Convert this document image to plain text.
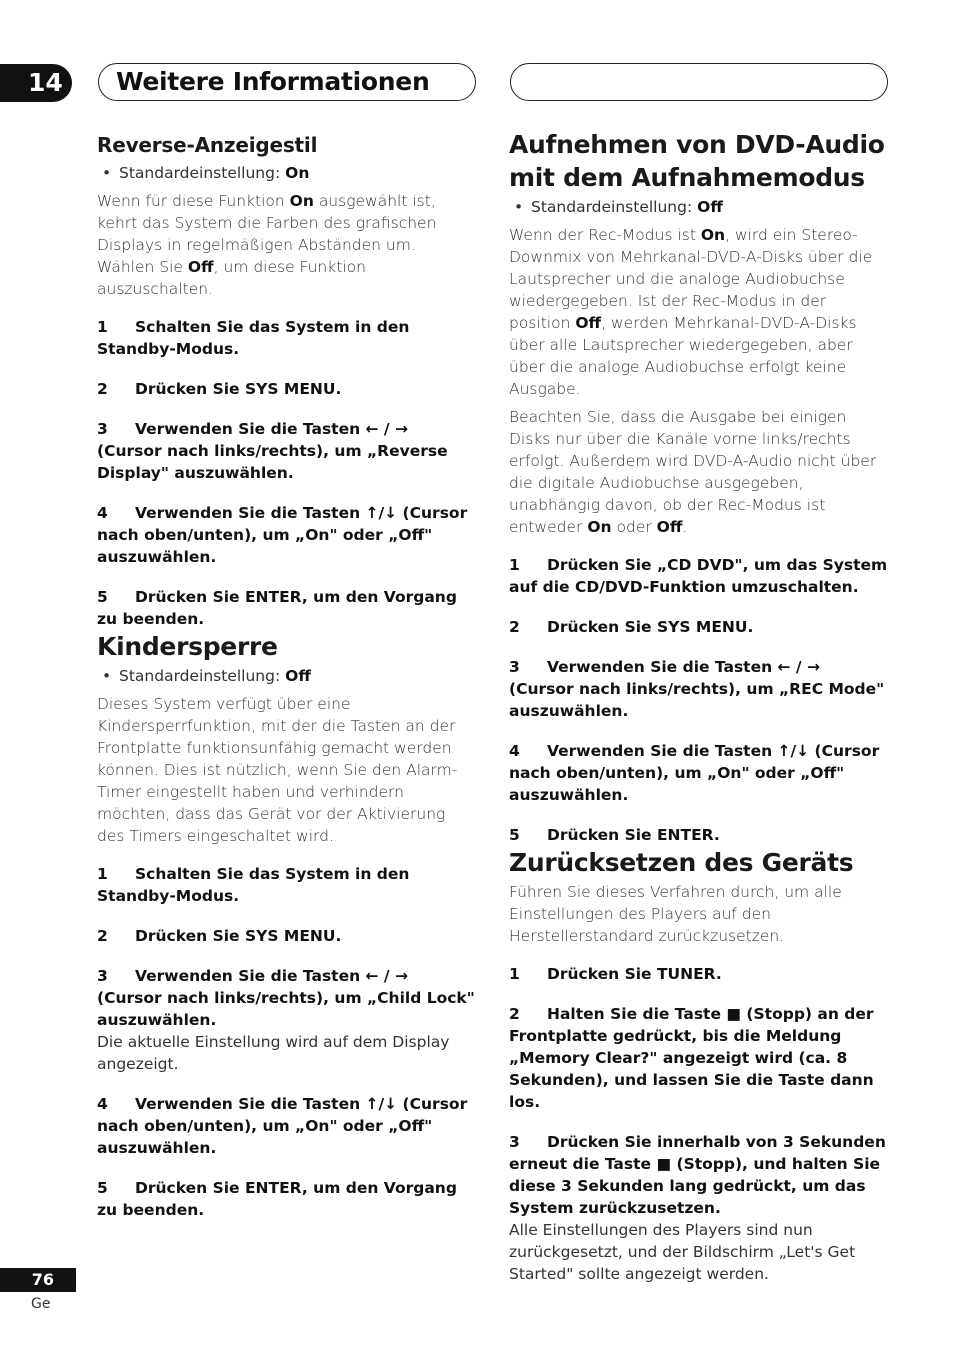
14	Weitere Informationen
Reverse-Anzeigestil
• Standardeinstellung: On

Wenn für diese Funktion On ausgewählt ist, kehrt das System die Farben des grafischen Displays in regelmäßigen Abständen um. Wählen Sie Off, um diese Funktion auszuschalten.

1 Schalten Sie das System in den Standby-Modus.
2 Drücken Sie SYS MENU.
3 Verwenden Sie die Tasten ← / → (Cursor nach links/rechts), um „Reverse Display" auszuwählen.
4 Verwenden Sie die Tasten ↑/↓ (Cursor nach oben/unten), um „On" oder „Off" auszuwählen.
5 Drücken Sie ENTER, um den Vorgang zu beenden.
Kindersperre
• Standardeinstellung: Off

Dieses System verfügt über eine Kindersperrfunktion, mit der die Tasten an der Frontplatte funktionsunfähig gemacht werden können. Dies ist nützlich, wenn Sie den Alarm-Timer eingestellt haben und verhindern möchten, dass das Gerät vor der Aktivierung des Timers eingeschaltet wird.

1 Schalten Sie das System in den Standby-Modus.
2 Drücken Sie SYS MENU.
3 Verwenden Sie die Tasten ← / → (Cursor nach links/rechts), um „Child Lock" auszuwählen.

Die aktuelle Einstellung wird auf dem Display angezeigt.

4 Verwenden Sie die Tasten ↑/↓ (Cursor nach oben/unten), um „On" oder „Off" auszuwählen.
5 Drücken Sie ENTER, um den Vorgang zu beenden.
Aufnehmen von DVD-Audio mit dem Aufnahmemodus
• Standardeinstellung: Off

Wenn der Rec-Modus ist On, wird ein Stereo-Downmix von Mehrkanal-DVD-A-Disks über die Lautsprecher und die analoge Audiobuchse wiedergegeben. Ist der Rec-Modus in der position Off, werden Mehrkanal-DVD-A-Disks über alle Lautsprecher wiedergegeben, aber über die analoge Audiobuchse erfolgt keine Ausgabe.

Beachten Sie, dass die Ausgabe bei einigen Disks nur über die Kanäle vorne links/rechts erfolgt. Außerdem wird DVD-A-Audio nicht über die digitale Audiobuchse ausgegeben, unabhängig davon, ob der Rec-Modus ist entweder On oder Off.

1 Drücken Sie „CD DVD", um das System auf die CD/DVD-Funktion umzuschalten.
2 Drücken Sie SYS MENU.
3 Verwenden Sie die Tasten ← / → (Cursor nach links/rechts), um „REC Mode" auszuwählen.
4 Verwenden Sie die Tasten ↑/↓ (Cursor nach oben/unten), um „On" oder „Off" auszuwählen.
5 Drücken Sie ENTER.
Zurücksetzen des Geräts

Führen Sie dieses Verfahren durch, um alle Einstellungen des Players auf den Herstellerstandard zurückzusetzen.

1 Drücken Sie TUNER.
2 Halten Sie die Taste ■ (Stopp) an der Frontplatte gedrückt, bis die Meldung „Memory Clear?" angezeigt wird (ca. 8 Sekunden), und lassen Sie die Taste dann los.
3 Drücken Sie innerhalb von 3 Sekunden erneut die Taste ■ (Stopp), und halten Sie diese 3 Sekunden lang gedrückt, um das System zurückzusetzen.

Alle Einstellungen des Players sind nun zurückgesetzt, und der Bildschirm „Let's Get Started" sollte angezeigt werden.

76
Ge
